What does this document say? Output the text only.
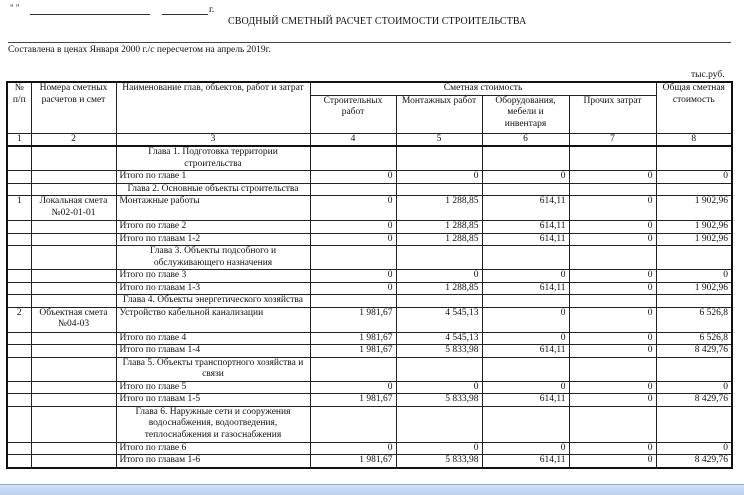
" "	г.
СВОДНЫЙ СМЕТНЫЙ РАСЧЕТ СТОИМОСТИ СТРОИТЕЛЬСТВА
Составлена в ценах Января 2000 г./с пересчетом на апрель 2019г.
тыс.руб.
№ п/п	Номера сметных расчетов и смет	Наименование глав, объектов, работ и затрат	Сметная стоимость				Общая сметная стоимость
			Строительных работ	Монтажных работ	Оборудования, мебели и инвентаря	Прочих затрат	
1	2	3	4	5	6	7	8
		Глава 1. Подготовка территории строительства					
		Итого по главе 1	0	0	0	0	0
		Глава 2. Основные объекты строительства					
1	Локальная смета №02-01-01	Монтажные работы	0	1 288,85	614,11	0	1 902,96
		Итого по главе 2	0	1 288,85	614,11	0	1 902,96
		Итого по главам 1-2	0	1 288,85	614,11	0	1 902,96
		Глава 3. Объекты подсобного и обслуживающего назначения					
		Итого по главе 3	0	0	0	0	0
		Итого по главам 1-3	0	1 288,85	614,11	0	1 902,96
		Глава 4. Объекты энергетического хозяйства					
2	Объектная смета №04-03	Устройство кабельной канализации	1 981,67	4 545,13	0	0	6 526,8
		Итого по главе 4	1 981,67	4 545,13	0	0	6 526,8
		Итого по главам 1-4	1 981,67	5 833,98	614,11	0	8 429,76
		Глава 5. Объекты транспортного хозяйства и связи					
		Итого по главе 5	0	0	0	0	0
		Итого по главам 1-5	1 981,67	5 833,98	614,11	0	8 429,76
		Глава 6. Наружные сети и сооружения водоснабжения, водоотведения, теплоснабжения и газоснабжения					
		Итого по главе 6	0	0	0	0	0
		Итого по главам 1-6	1 981,67	5 833,98	614,11	0	8 429,76
